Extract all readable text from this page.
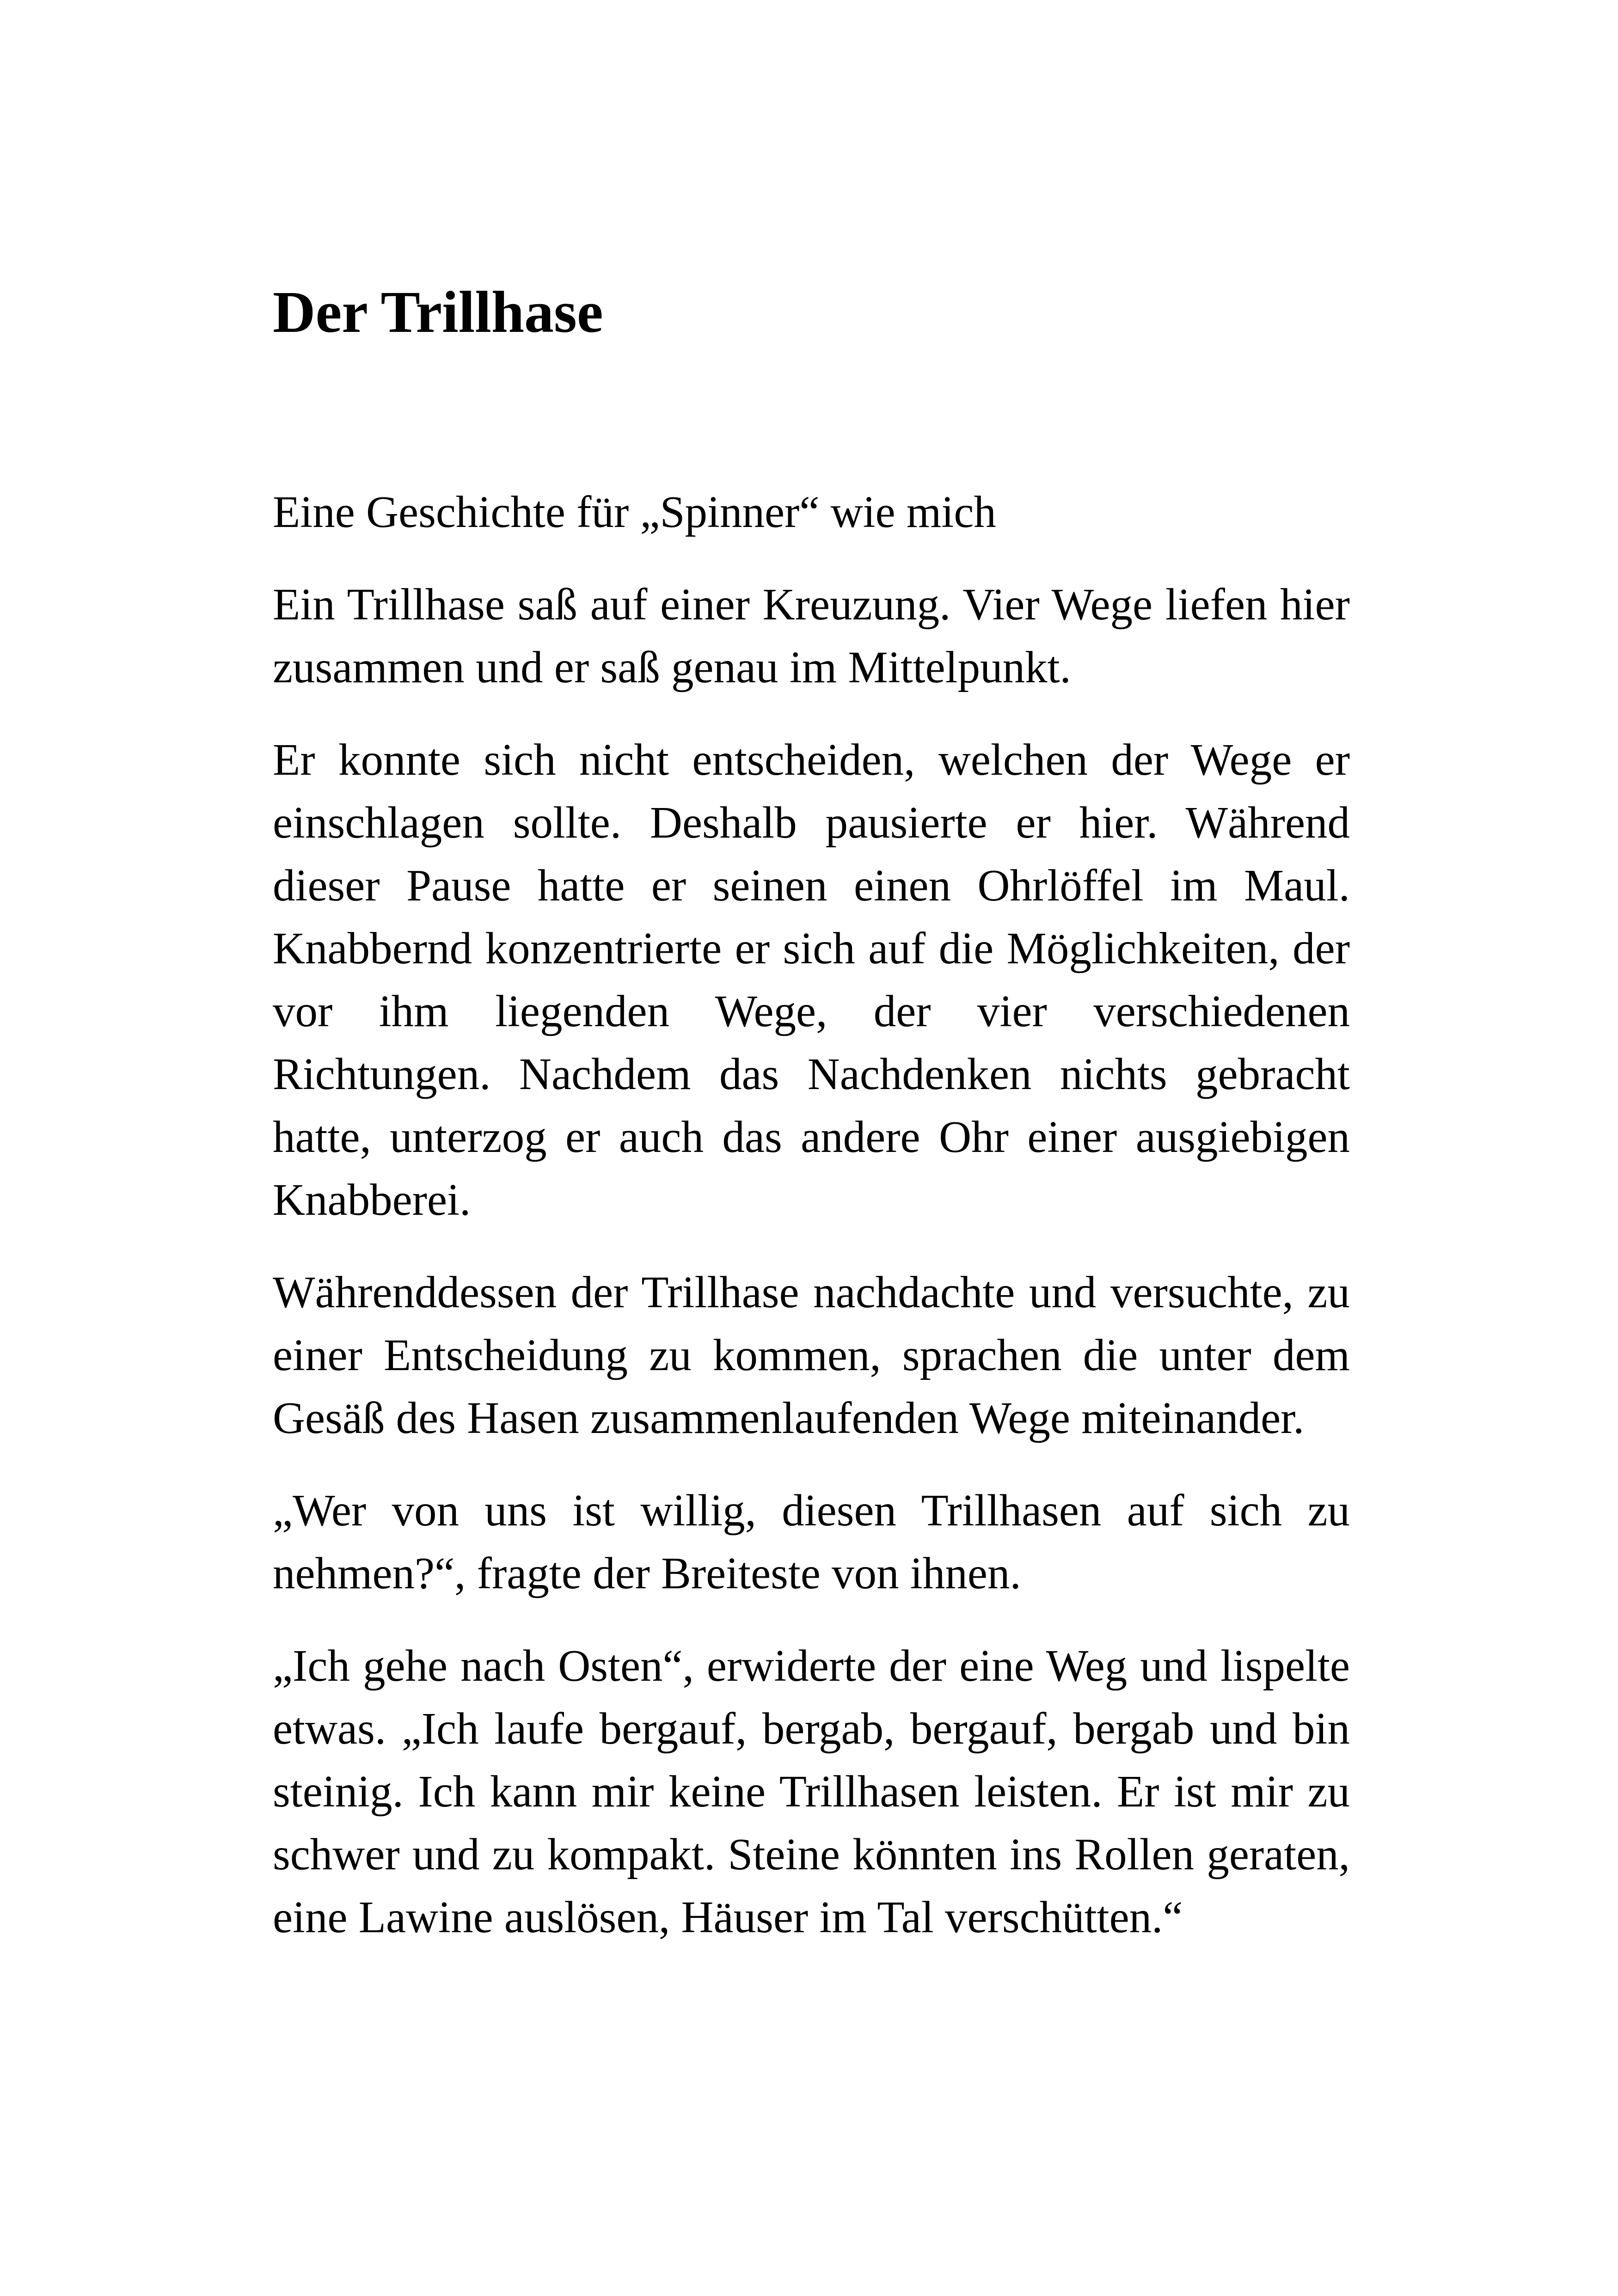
Der Trillhase

Eine Geschichte für „Spinner“ wie mich

Ein Trillhase saß auf einer Kreuzung. Vier Wege liefen hier zusammen und er saß genau im Mittelpunkt.

Er konnte sich nicht entscheiden, welchen der Wege er einschlagen sollte. Deshalb pausierte er hier. Während dieser Pause hatte er seinen einen Ohrlöffel im Maul. Knabbernd konzentrierte er sich auf die Möglichkeiten, der vor ihm liegenden Wege, der vier verschiedenen Richtungen. Nachdem das Nachdenken nichts gebracht hatte, unterzog er auch das andere Ohr einer ausgiebigen Knabberei.

Währenddessen der Trillhase nachdachte und versuchte, zu einer Entscheidung zu kommen, sprachen die unter dem Gesäß des Hasen zusammenlaufenden Wege miteinander.

„Wer von uns ist willig, diesen Trillhasen auf sich zu nehmen?“, fragte der Breiteste von ihnen.

„Ich gehe nach Osten“, erwiderte der eine Weg und lispelte etwas. „Ich laufe bergauf, bergab, bergauf, bergab und bin steinig. Ich kann mir keine Trillhasen leisten. Er ist mir zu schwer und zu kompakt. Steine könnten ins Rollen geraten, eine Lawine auslösen, Häuser im Tal verschütten.“
